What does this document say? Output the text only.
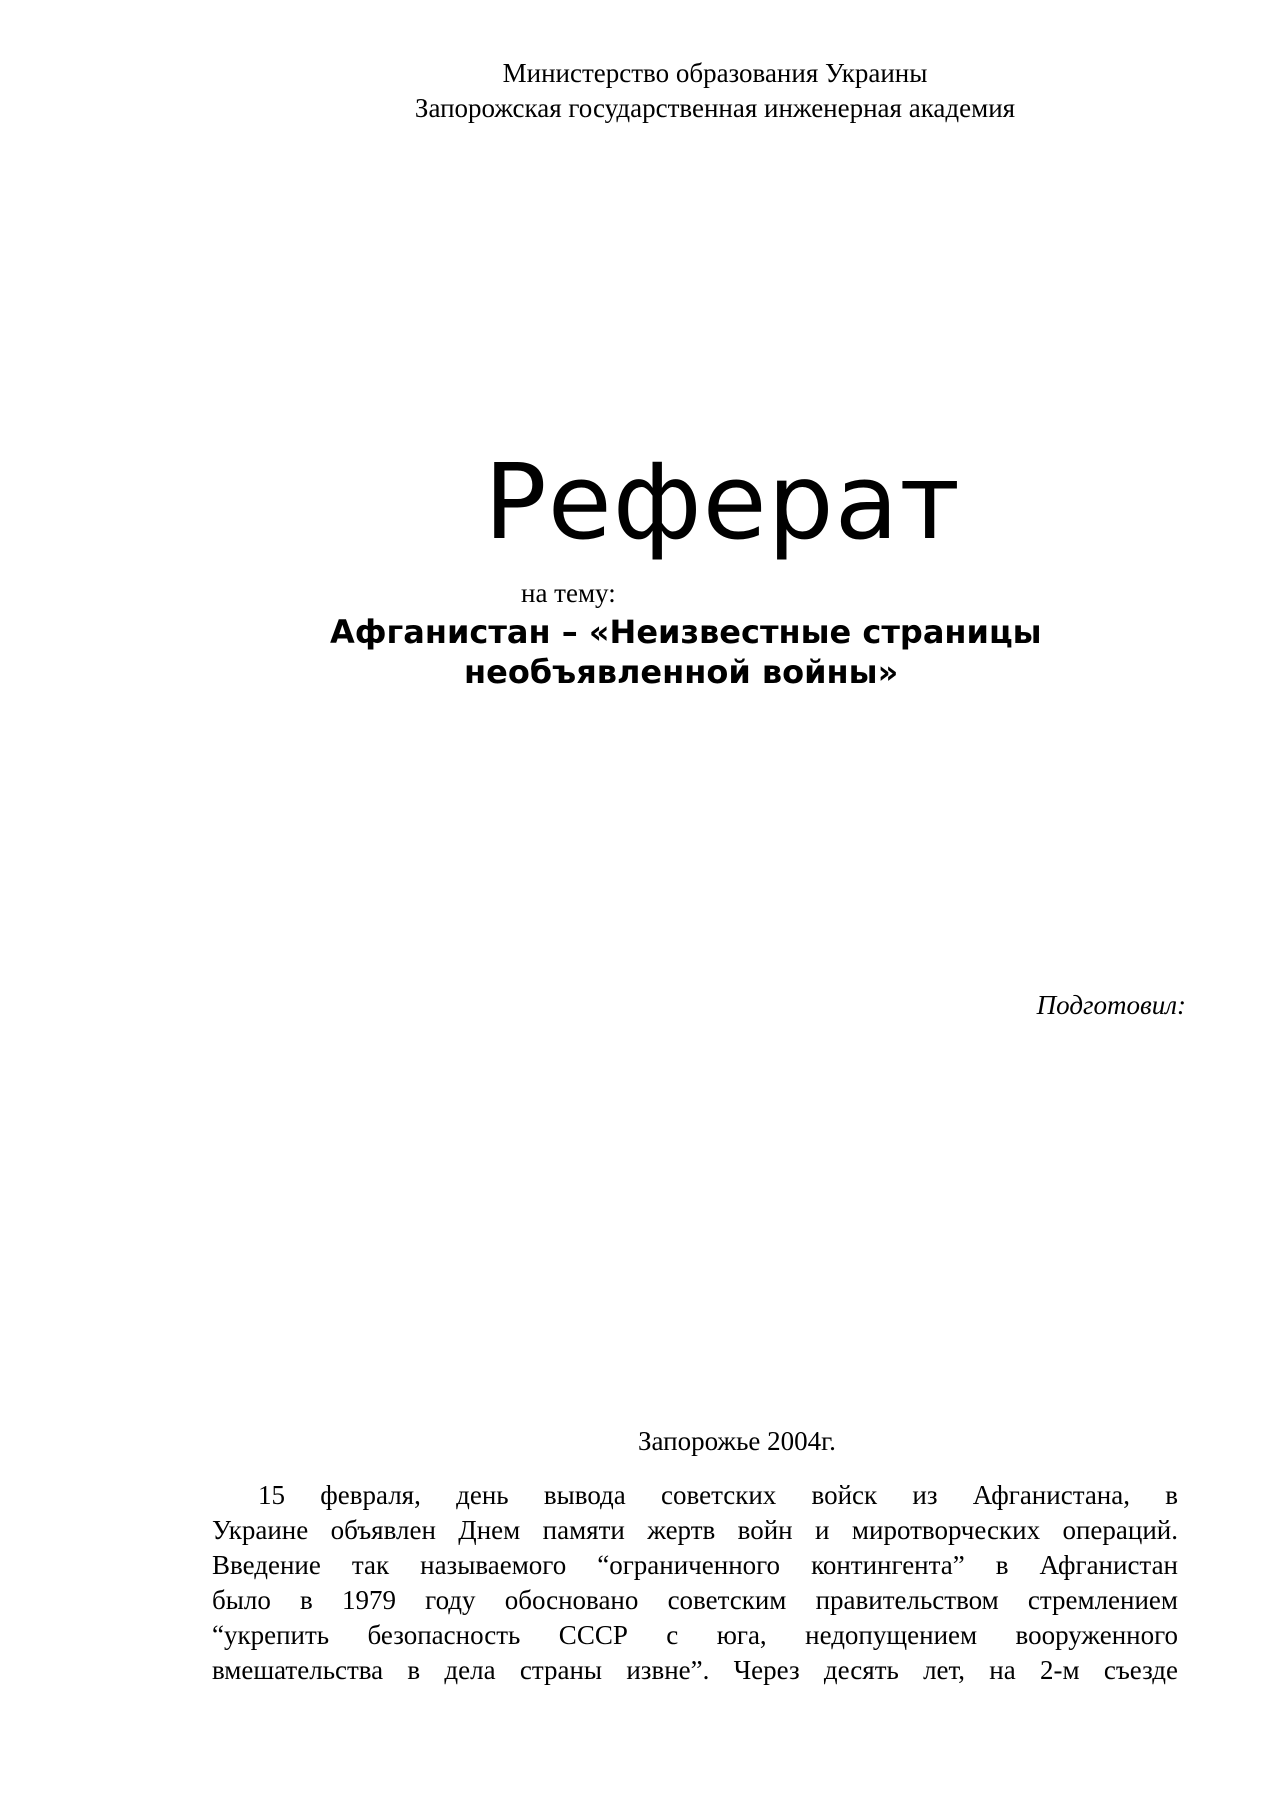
Министерство образования Украины
Запорожская государственная инженерная академия
Реферат
на тему:
Афганистан – «Неизвестные страницы
необъявленной войны»
Подготовил:
Запорожье 2004г.
15 февраля, день вывода советских войск из Афганистана, в
Украине объявлен Днем памяти жертв войн и миротворческих операций.
Введение так называемого “ограниченного контингента” в Афганистан
было в 1979 году обосновано советским правительством стремлением
“укрепить безопасность СССР с юга, недопущением вооруженного
вмешательства в дела страны извне”. Через десять лет, на 2-м съезде
